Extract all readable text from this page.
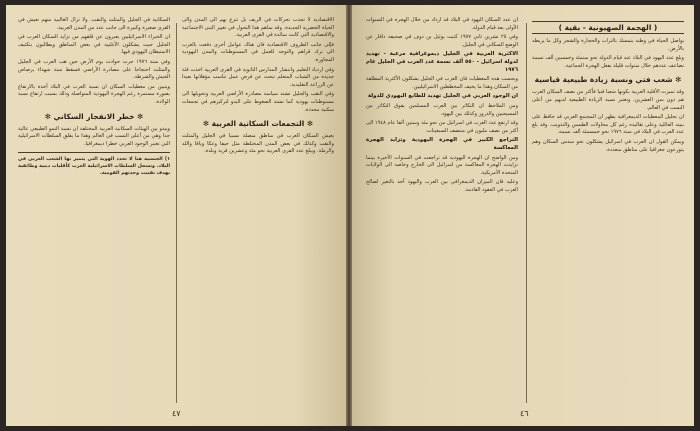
الاقتصادية لا تجذب تحركات في الريف بل تنزع بهم الى المدن والى الحياة الحضرية الجديدة. وقد ساهم هذا التحول في تغيير البنى الاجتماعية والاقتصادية التي كانت سائدة في القرى العربية.

فإلى جانب الظروف الاقتصادية فان هناك عوامل أخرى دفعت بالعرب الى ترك قراهم والتوجه للعمل في المستوطنات والمدن اليهودية المجاورة.

وفي ازدياد التعليم وانتشار المدارس الثانوية في القرى العربية اخذت فئة جديدة من الشباب المتعلم تبحث عن فرص عمل تناسب مؤهلاتها بعيدا عن الزراعة التقليدية.

وفي النقب والجليل تشتد سياسة مصادرة الأراضي العربية وتحويلها الى مستوطنات يهودية كما تشتد الضغوط على البدو لتركيزهم في تجمعات سكنية محددة.

✻ التجمعات السكانية العربية ✻

يعيش السكان العرب في مناطق متصلة نسبيا في الجليل والمثلث والنقب وكذلك في بعض المدن المختلطة مثل حيفا وعكا ويافا واللد والرملة. ويبلغ عدد القرى العربية نحو مئة وعشرين قرية وبلدة.

السكانية في الجليل والمثلث والنقب. ولا تزال الغالبية منهم تعيش في القرى صغيرة وكبيرة الى جانب عدد من المدن العربية.

ان الخبراء الاسرائيليين يعبرون عن قلقهم من تزايد السكان العرب في الجليل حيث يشكلون الأغلبية في بعض المناطق ويطالبون بتكثيف الاستيطان اليهودي فيها.

وفي سنة ١٩٧٦ جرت حوادث يوم الأرض حين هب العرب في الجليل والمثلث احتجاجا على مصادرة الأراضي فسقط ستة شهداء برصاص الجيش والشرطة.

ويتبين من معطيات السكان ان نسبة العرب في البلاد آخذة بالارتفاع بصورة مستمرة رغم الهجرة اليهودية المتواصلة وذلك بسبب ارتفاع نسبة الولادة.

✻ خطر الانفجار السكاني ✻

ويبدو بين الهيئات السكانية العربية المختلفة ان نسبة النمو الطبيعي عالية جدا وهي من أعلى النسب في العالم وهذا ما يقلق السلطات الاسرائيلية التي تعتبر الوجود العربي خطرا ديمغرافيا.

١) الجنسية هنا لا تحدد الهوية التي يتميز بها الشعب العربي في البلاد. وتسجل السلطات الاسرائيلية العرب كأقليات دينية وطائفية بهدف تفتيت وحدتهم القومية.
٤٧
( الهجمة الصهيونية - بقية )

يواصل الحياة في وطنه بتمسك بالتراب والحجارة والشجر وكل ما يربطه بالأرض.

وبلغ عدد اليهود في البلاد عند قيام الدولة نحو ستمئة وخمسين ألف نسمة تضاعف عددهم خلال سنوات قليلة بفعل الهجرة الجماعية.

✻ شعب فتي ونسبة زيادة طبيعية قياسية

وقد تميزت الأقلية العربية بكونها شعبا فتيا فأكثر من نصف السكان العرب هم دون سن العشرين. وتعتبر نسبة الزيادة الطبيعية لديهم من أعلى النسب في العالم.

ان تحليل المعطيات الديمغرافية يظهر ان المجتمع العربي قد حافظ على بنيته العائلية وعلى تقاليده رغم كل محاولات الطمس والتذويب. وقد بلغ عدد العرب في البلاد في سنة ١٩٧٦ نحو خمسمئة ألف نسمة.

ويمكن القول ان العرب في اسرائيل يشكلون نحو سدس السكان وهم يتوزعون جغرافيا على مناطق متعددة.

ان عدد السكان اليهود في البلاد قد ازداد من خلال الهجرة في السنوات الأولى بعد قيام الدولة.

وفي ٢٥ تشرين ثاني ١٩٧٧ كتبت يوئيل بن دوف في صحيفة دافار عن الوضع السكاني في الجليل.

الاكثرية العربية في الجليل ديموغرافية مرعبة - تهديد لدولة اسرائيل - ٥٥٠ ألف نسمة عدد العرب في الجليل عام ١٩٧٦

وبحسب هذه المعطيات فان العرب في الجليل يشكلون الأكثرية المطلقة من السكان وهذا ما يخيف المخططين الاسرائيليين.

ان الوجود العربي في الجليل تهديد للطابع اليهودي للدولة

ومن الملاحظ ان التكاثر بين العرب المسلمين يفوق التكاثر بين المسيحيين والدروز وكذلك بين اليهود.

وقد ارتفع عدد العرب في اسرائيل من نحو مئة وستين ألفا عام ١٩٤٨ الى أكثر من نصف مليون في منتصف السبعينات.

التراجع الكبير في الهجرة اليهودية وتزايد الهجرة المعاكسة

ومن الواضح ان الهجرة اليهودية قد تراجعت في السنوات الأخيرة بينما تزايدت الهجرة المعاكسة من اسرائيل الى الخارج وخاصة الى الولايات المتحدة الأمريكية.

وعليه فان الميزان الديمغرافي بين العرب واليهود آخذ بالتغير لصالح العرب في العقود القادمة.

٤٦
